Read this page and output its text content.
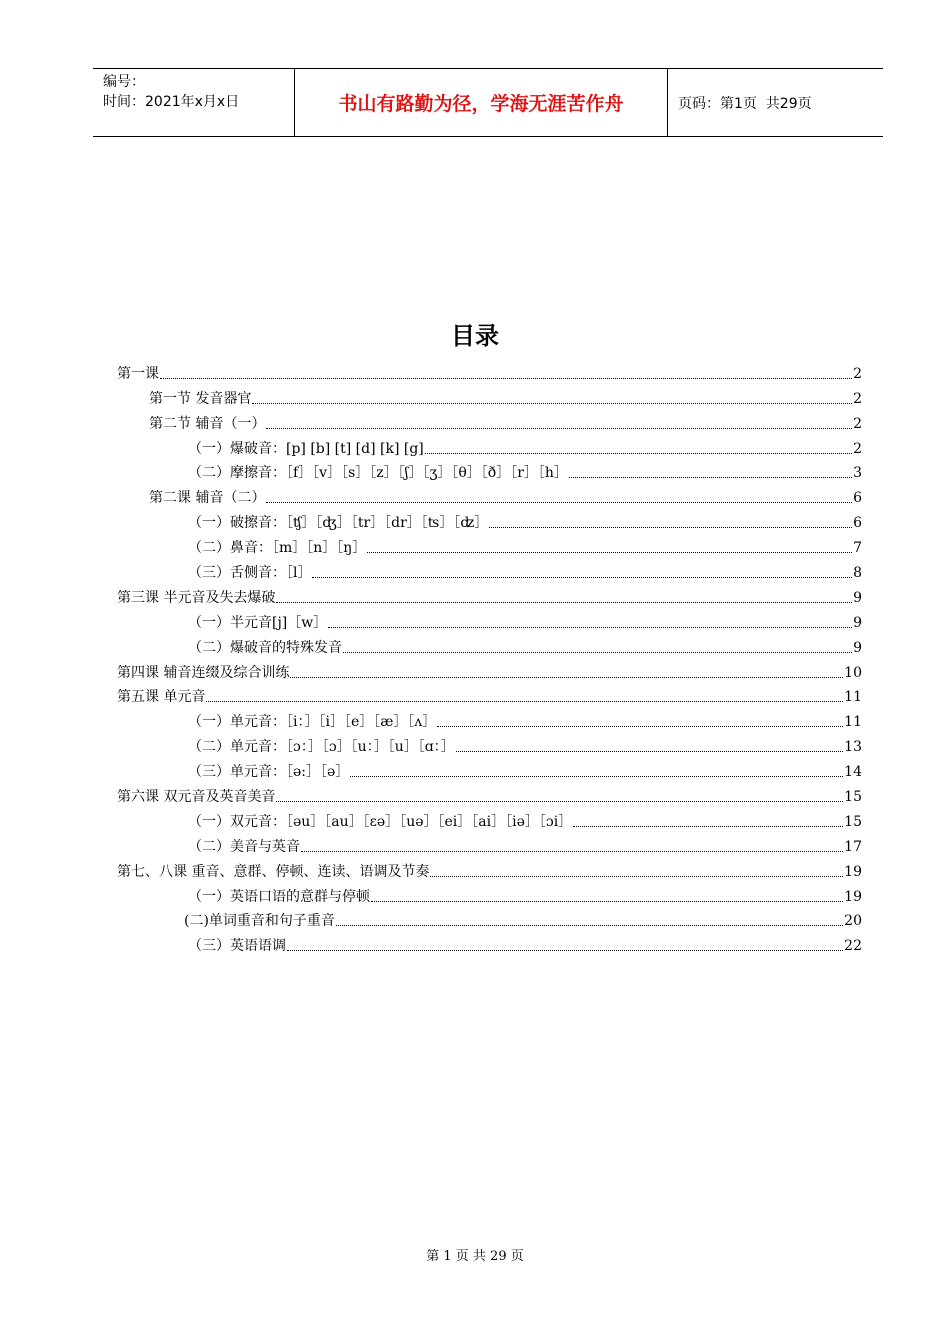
编号：
时间：2021年x月x日	书山有路勤为径，学海无涯苦作舟	页码：第1页  共29页
目录
第一课	2
第一节 发音器官	2
第二节 辅音（一）	2
（一）爆破音：[p] [b] [t] [d] [k] [g]	2
（二）摩擦音：［f］［v］［s］［z］［ʃ］［ʒ］［θ］［ð］［r］［h］	3
第二课 辅音（二）	6
（一）破擦音：［ʧ］［ʤ］［tr］［dr］［ʦ］［ʣ］	6
（二）鼻音：［m］［n］［ŋ］	7
（三）舌侧音：［l］	8
第三课 半元音及失去爆破	9
（一）半元音[j]［w］	9
（二）爆破音的特殊发音	9
第四课 辅音连缀及综合训练	10
第五课 单元音	11
（一）单元音：［i：］［i］［e］［æ］［ʌ］	11
（二）单元音：［ɔ：］［ɔ］［u：］［u］［ɑ：］	13
（三）单元音：［ə:］［ə］	14
第六课 双元音及英音美音	15
（一）双元音：［əu］［au］［ɛə］［uə］［ei］［ai］［iə］［ɔi］	15
（二）美音与英音	17
第七、八课 重音、意群、停顿、连读、语调及节奏	19
（一）英语口语的意群与停顿	19
(二)单词重音和句子重音	20
（三）英语语调	22
第 1 页 共 29 页
